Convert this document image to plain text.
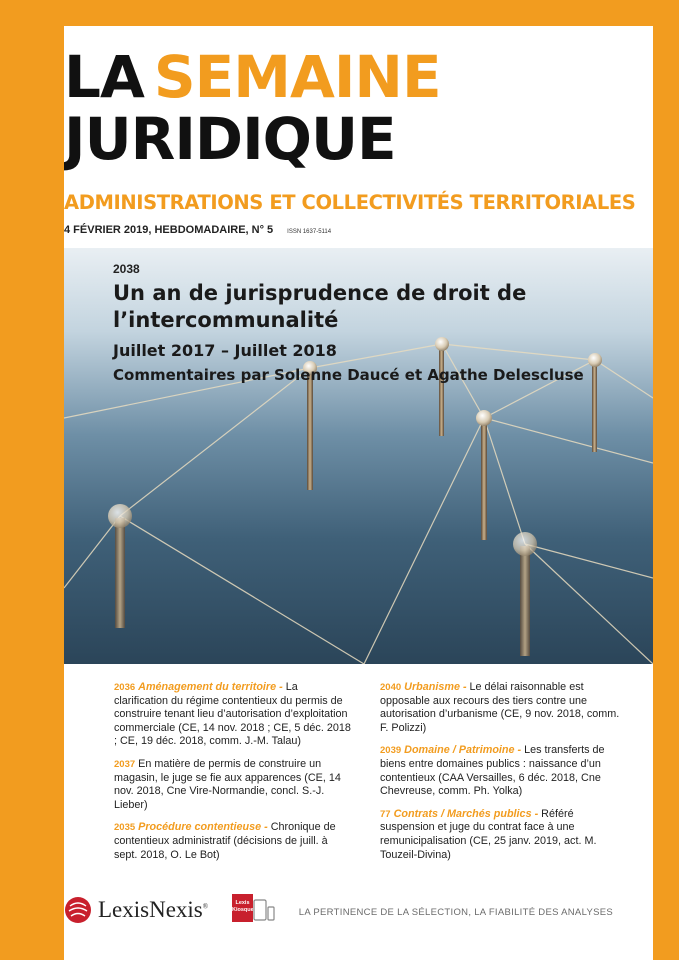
LA SEMAINE
JURIDIQUE
ADMINISTRATIONS ET COLLECTIVITÉS TERRITORIALES
4 FÉVRIER 2019, HEBDOMADAIRE, N° 5 ISSN 1637-5114
2038
Un an de jurisprudence de droit de l’intercommunalité
Juillet 2017 – Juillet 2018
Commentaires par Solenne Daucé et Agathe Delescluse
2036 Aménagement du territoire - La clarification du régime contentieux du permis de construire tenant lieu d’autorisation d’exploitation commerciale (CE, 14 nov. 2018 ; CE, 5 déc. 2018 ; CE, 19 déc. 2018, comm. J.-M. Talau)
2037 En matière de permis de construire un magasin, le juge se fie aux apparences (CE, 14 nov. 2018, Cne Vire-Normandie, concl. S.-J. Lieber)
2035 Procédure contentieuse - Chronique de contentieux administratif (décisions de juill. à sept. 2018, O. Le Bot)
2040 Urbanisme - Le délai raisonnable est opposable aux recours des tiers contre une autorisation d’urbanisme (CE, 9 nov. 2018, comm. F. Polizzi)
2039 Domaine / Patrimoine - Les transferts de biens entre domaines publics : naissance d’un contentieux (CAA Versailles, 6 déc. 2018, Cne Chevreuse, comm. Ph. Yolka)
77 Contrats / Marchés publics - Référé suspension et juge du contrat face à une remunicipalisation (CE, 25 janv. 2019, act. M. Touzeil-Divina)
LexisNexis®	Lexis
Kiosque	LA PERTINENCE DE LA SÉLECTION, LA FIABILITÉ DES ANALYSES
